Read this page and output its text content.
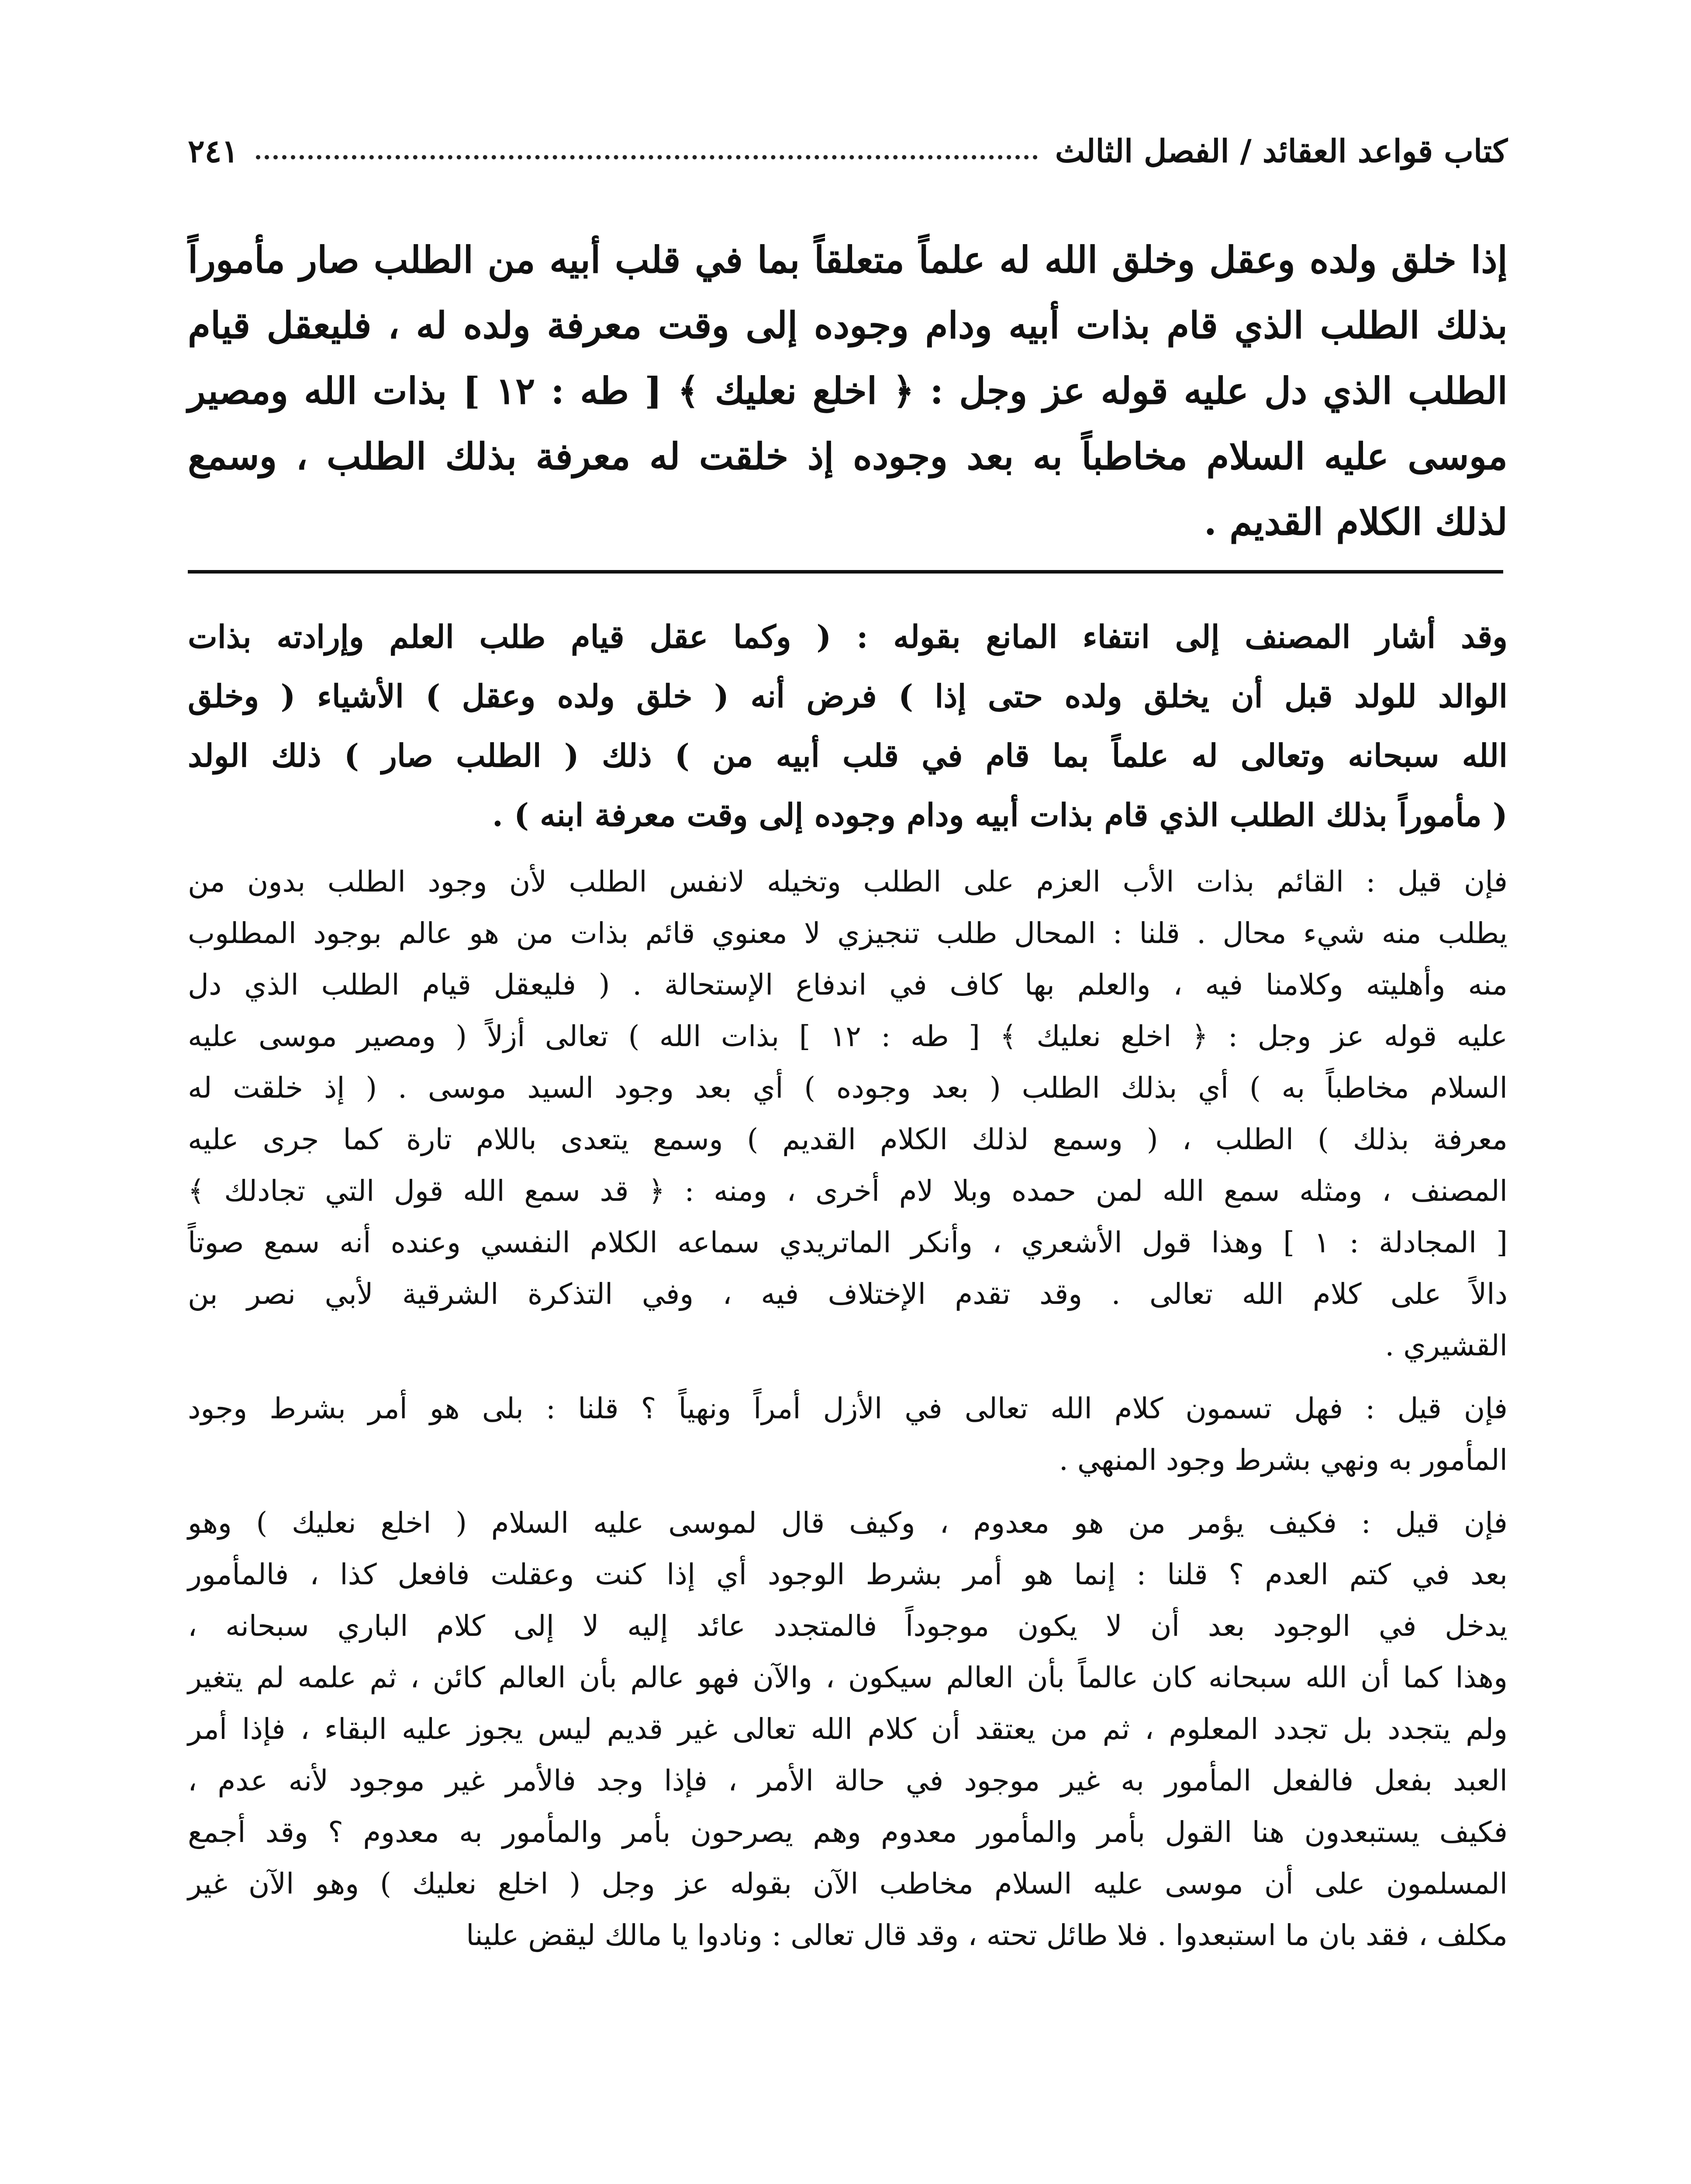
كتاب قواعد العقائد / الفصل الثالث
٢٤١
إذا خلق ولده وعقل وخلق الله له علماً متعلقاً بما في قلب أبيه من الطلب صار مأموراً
بذلك الطلب الذي قام بذات أبيه ودام وجوده إلى وقت معرفة ولده له ، فليعقل قيام
الطلب الذي دل عليه قوله عز وجل : ﴿ اخلع نعليك ﴾ [ طه : ١٢ ] بذات الله ومصير
موسى عليه السلام مخاطباً به بعد وجوده إذ خلقت له معرفة بذلك الطلب ، وسمع
لذلك الكلام القديم .
وقد أشار المصنف إلى انتفاء المانع بقوله : ( وكما عقل قيام طلب العلم وإرادته بذات
الوالد للولد قبل أن يخلق ولده حتى إذا ) فرض أنه ( خلق ولده وعقل ) الأشياء ( وخلق
الله سبحانه وتعالى له علماً بما قام في قلب أبيه من ) ذلك ( الطلب صار ) ذلك الولد
( مأموراً بذلك الطلب الذي قام بذات أبيه ودام وجوده إلى وقت معرفة ابنه ) .
فإن قيل : القائم بذات الأب العزم على الطلب وتخيله لانفس الطلب لأن وجود الطلب بدون من
يطلب منه شيء محال . قلنا : المحال طلب تنجيزي لا معنوي قائم بذات من هو عالم بوجود المطلوب
منه وأهليته وكلامنا فيه ، والعلم بها كاف في اندفاع الإستحالة . ( فليعقل قيام الطلب الذي دل
عليه قوله عز وجل : ﴿ اخلع نعليك ﴾ [ طه : ١٢ ] بذات الله ) تعالى أزلاً ( ومصير موسى عليه
السلام مخاطباً به ) أي بذلك الطلب ( بعد وجوده ) أي بعد وجود السيد موسى . ( إذ خلقت له
معرفة بذلك ) الطلب ، ( وسمع لذلك الكلام القديم ) وسمع يتعدى باللام تارة كما جرى عليه
المصنف ، ومثله سمع الله لمن حمده وبلا لام أخرى ، ومنه : ﴿ قد سمع الله قول التي تجادلك ﴾
[ المجادلة : ١ ] وهذا قول الأشعري ، وأنكر الماتريدي سماعه الكلام النفسي وعنده أنه سمع صوتاً
دالاً على كلام الله تعالى . وقد تقدم الإختلاف فيه ، وفي التذكرة الشرقية لأبي نصر بن
القشيري .
فإن قيل : فهل تسمون كلام الله تعالى في الأزل أمراً ونهياً ؟ قلنا : بلى هو أمر بشرط وجود
المأمور به ونهي بشرط وجود المنهي .
فإن قيل : فكيف يؤمر من هو معدوم ، وكيف قال لموسى عليه السلام ( اخلع نعليك ) وهو
بعد في كتم العدم ؟ قلنا : إنما هو أمر بشرط الوجود أي إذا كنت وعقلت فافعل كذا ، فالمأمور
يدخل في الوجود بعد أن لا يكون موجوداً فالمتجدد عائد إليه لا إلى كلام الباري سبحانه ،
وهذا كما أن الله سبحانه كان عالماً بأن العالم سيكون ، والآن فهو عالم بأن العالم كائن ، ثم علمه لم يتغير
ولم يتجدد بل تجدد المعلوم ، ثم من يعتقد أن كلام الله تعالى غير قديم ليس يجوز عليه البقاء ، فإذا أمر
العبد بفعل فالفعل المأمور به غير موجود في حالة الأمر ، فإذا وجد فالأمر غير موجود لأنه عدم ،
فكيف يستبعدون هنا القول بأمر والمأمور معدوم وهم يصرحون بأمر والمأمور به معدوم ؟ وقد أجمع
المسلمون على أن موسى عليه السلام مخاطب الآن بقوله عز وجل ( اخلع نعليك ) وهو الآن غير
مكلف ، فقد بان ما استبعدوا . فلا طائل تحته ، وقد قال تعالى : ونادوا يا مالك ليقض علينا
